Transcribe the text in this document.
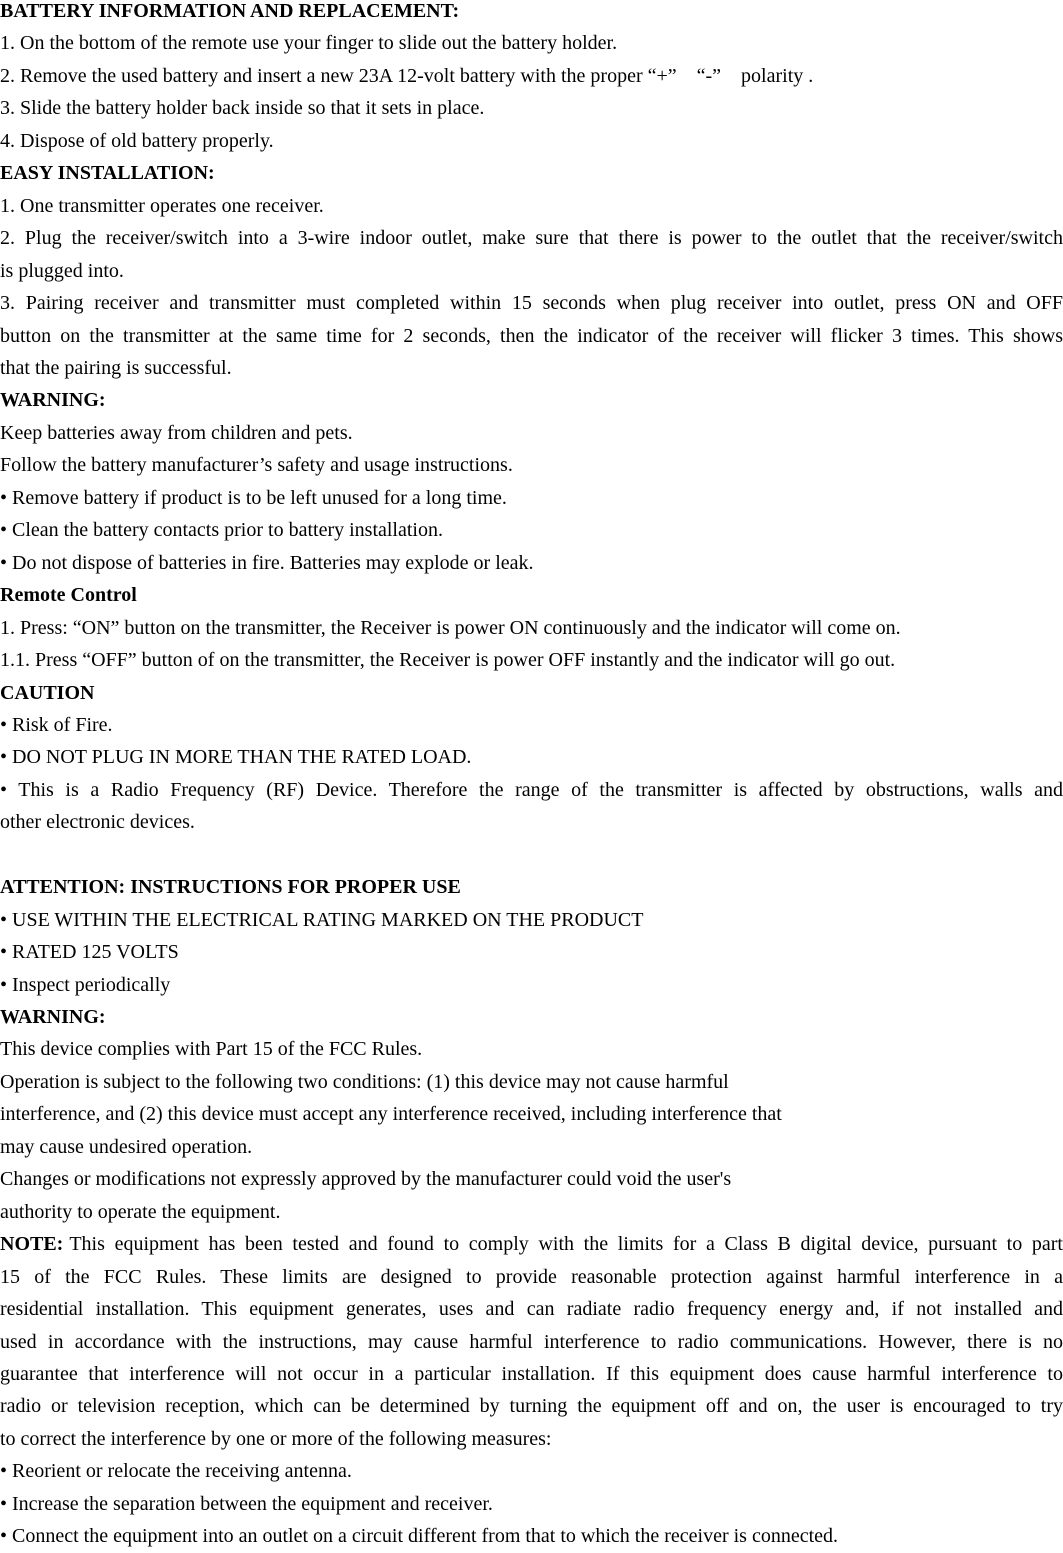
BATTERY INFORMATION AND REPLACEMENT:

1. On the bottom of the remote use your finger to slide out the battery holder.

2. Remove the used battery and insert a new 23A 12-volt battery with the proper “+”　“-”　polarity .

3. Slide the battery holder back inside so that it sets in place.

4. Dispose of old battery properly.

EASY INSTALLATION:

1. One transmitter operates one receiver.

2. Plug the receiver/switch into a 3-wire indoor outlet, make sure that there is power to the outlet that the receiver/switch

is plugged into.

3. Pairing receiver and transmitter must completed within 15 seconds when plug receiver into outlet, press ON and OFF

button on the transmitter at the same time for 2 seconds, then the indicator of the receiver will flicker 3 times. This shows

that the pairing is successful.

WARNING:

Keep batteries away from children and pets.

Follow the battery manufacturer’s safety and usage instructions.

• Remove battery if product is to be left unused for a long time.

• Clean the battery contacts prior to battery installation.

• Do not dispose of batteries in fire. Batteries may explode or leak.

Remote Control

1. Press: “ON” button on the transmitter, the Receiver is power ON continuously and the indicator will come on.

1.1. Press “OFF” button of on the transmitter, the Receiver is power OFF instantly and the indicator will go out.

CAUTION

• Risk of Fire.

• DO NOT PLUG IN MORE THAN THE RATED LOAD.

• This is a Radio Frequency (RF) Device. Therefore the range of the transmitter is affected by obstructions, walls and

other electronic devices.

ATTENTION: INSTRUCTIONS FOR PROPER USE

• USE WITHIN THE ELECTRICAL RATING MARKED ON THE PRODUCT

• RATED 125 VOLTS

• Inspect periodically

WARNING:

This device complies with Part 15 of the FCC Rules.

Operation is subject to the following two conditions: (1) this device may not cause harmful

interference, and (2) this device must accept any interference received, including interference that

may cause undesired operation.

Changes or modifications not expressly approved by the manufacturer could void the user's

authority to operate the equipment.

NOTE: This equipment has been tested and found to comply with the limits for a Class B digital device, pursuant to part

15 of the FCC Rules. These limits are designed to provide reasonable protection against harmful interference in a

residential installation. This equipment generates, uses and can radiate radio frequency energy and, if not installed and

used in accordance with the instructions, may cause harmful interference to radio communications. However, there is no

guarantee that interference will not occur in a particular installation. If this equipment does cause harmful interference to

radio or television reception, which can be determined by turning the equipment off and on, the user is encouraged to try

to correct the interference by one or more of the following measures:

• Reorient or relocate the receiving antenna.

• Increase the separation between the equipment and receiver.

• Connect the equipment into an outlet on a circuit different from that to which the receiver is connected.
